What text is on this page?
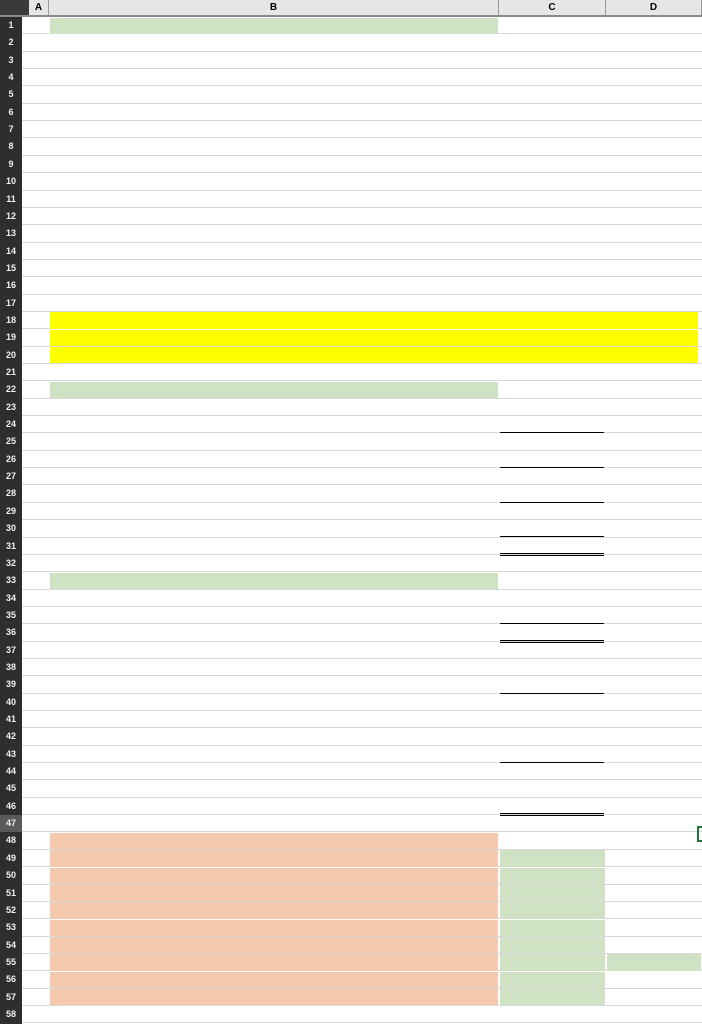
A	B	C	D
1
2
3
4
5
6
7
8
9
10
11
12
13
14
15
16
17
18
19
20
21
22
23
24
25
26
27
28
29
30
31
32
33
34
35
36
37
38
39
40
41
42
43
44
45
46
47
48
49
50
51
52
53
54
55
56
57
58
